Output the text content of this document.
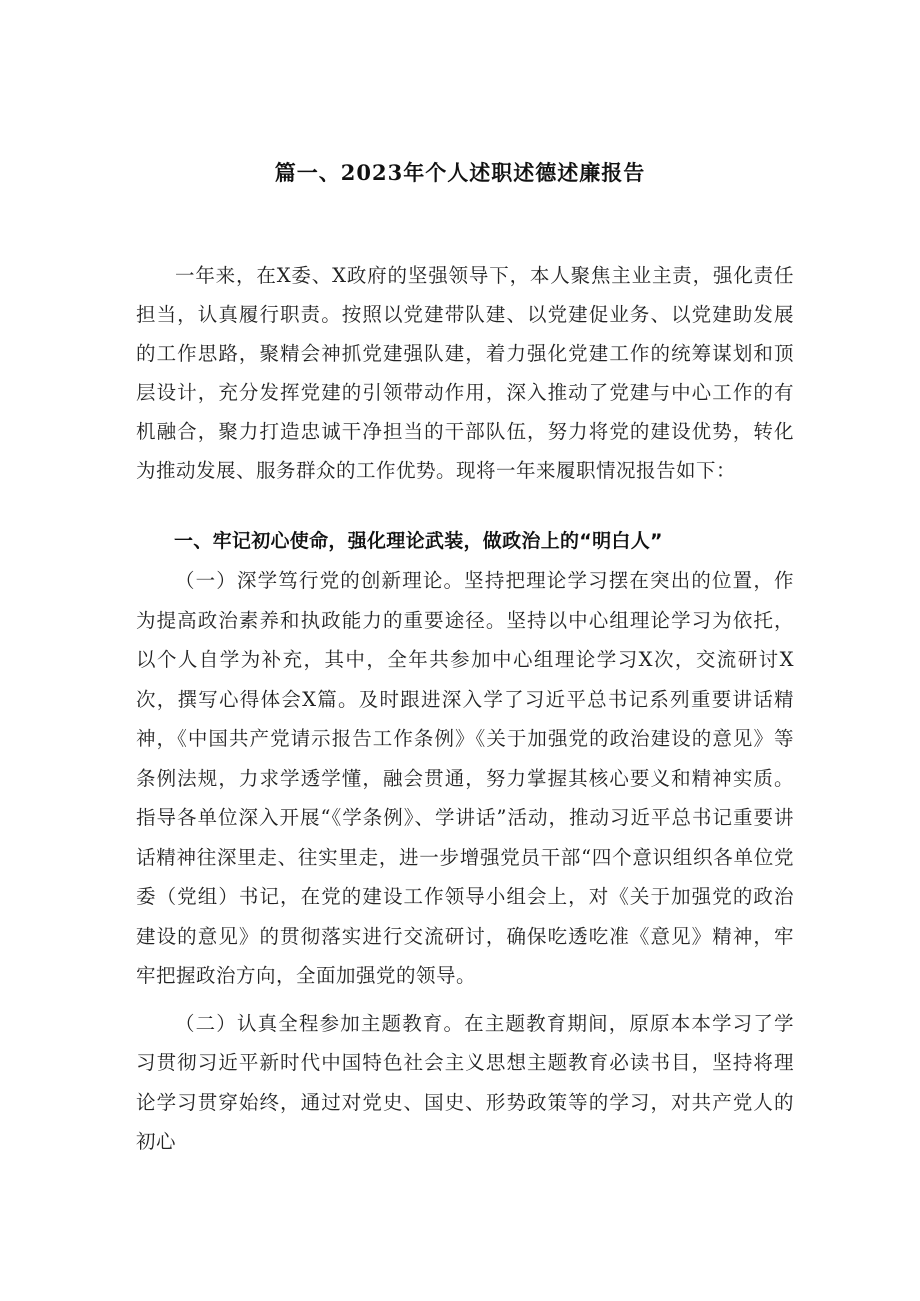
篇一、2023年个人述职述德述廉报告

一年来，在X委、X政府的坚强领导下，本人聚焦主业主责，强化责任担当，认真履行职责。按照以党建带队建、以党建促业务、以党建助发展的工作思路，聚精会神抓党建强队建，着力强化党建工作的统筹谋划和顶层设计，充分发挥党建的引领带动作用，深入推动了党建与中心工作的有机融合，聚力打造忠诚干净担当的干部队伍，努力将党的建设优势，转化为推动发展、服务群众的工作优势。现将一年来履职情况报告如下：

一、牢记初心使命，强化理论武装，做政治上的“明白人”

（一）深学笃行党的创新理论。坚持把理论学习摆在突出的位置，作为提高政治素养和执政能力的重要途径。坚持以中心组理论学习为依托，以个人自学为补充，其中，全年共参加中心组理论学习X次，交流研讨X次，撰写心得体会X篇。及时跟进深入学了习近平总书记系列重要讲话精神，《中国共产党请示报告工作条例》《关于加强党的政治建设的意见》等条例法规，力求学透学懂，融会贯通，努力掌握其核心要义和精神实质。指导各单位深入开展“《学条例》、学讲话”活动，推动习近平总书记重要讲话精神往深里走、往实里走，进一步增强党员干部“四个意识组织各单位党委（党组）书记，在党的建设工作领导小组会上，对《关于加强党的政治建设的意见》的贯彻落实进行交流研讨，确保吃透吃准《意见》精神，牢牢把握政治方向，全面加强党的领导。

（二）认真全程参加主题教育。在主题教育期间，原原本本学习了学习贯彻习近平新时代中国特色社会主义思想主题教育必读书目，坚持将理论学习贯穿始终，通过对党史、国史、形势政策等的学习，对共产党人的初心
